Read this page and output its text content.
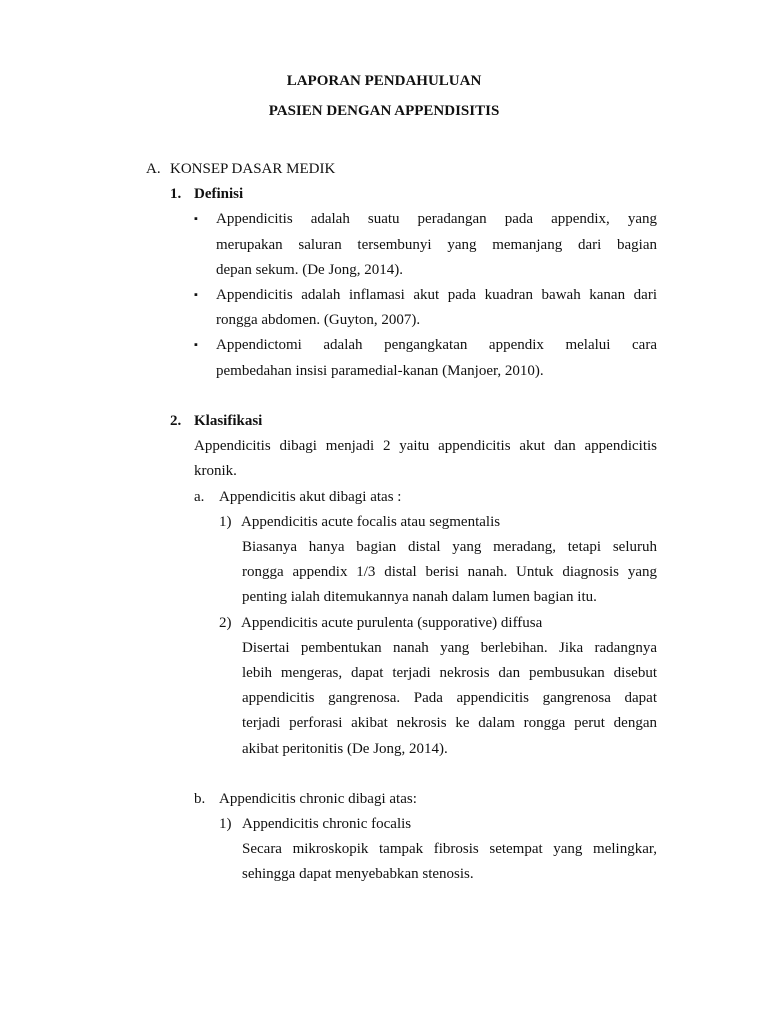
LAPORAN PENDAHULUAN
PASIEN DENGAN APPENDISITIS
A. KONSEP DASAR MEDIK
1. Definisi
▪ Appendicitis adalah suatu peradangan pada appendix, yang
merupakan saluran tersembunyi yang memanjang dari bagian
depan sekum. (De Jong, 2014).
▪ Appendicitis adalah inflamasi akut pada kuadran bawah kanan dari
rongga abdomen. (Guyton, 2007).
▪ Appendictomi adalah pengangkatan appendix melalui cara
pembedahan insisi paramedial-kanan (Manjoer, 2010).
2. Klasifikasi
Appendicitis dibagi menjadi 2 yaitu appendicitis akut dan appendicitis
kronik.
a. Appendicitis akut dibagi atas :
1) Appendicitis acute focalis atau segmentalis
Biasanya hanya bagian distal yang meradang, tetapi seluruh
rongga appendix 1/3 distal berisi nanah. Untuk diagnosis yang
penting ialah ditemukannya nanah dalam lumen bagian itu.
2) Appendicitis acute purulenta (supporative) diffusa
Disertai pembentukan nanah yang berlebihan. Jika radangnya
lebih mengeras, dapat terjadi nekrosis dan pembusukan disebut
appendicitis gangrenosa. Pada appendicitis gangrenosa dapat
terjadi perforasi akibat nekrosis ke dalam rongga perut dengan
akibat peritonitis (De Jong, 2014).
b. Appendicitis chronic dibagi atas:
1) Appendicitis chronic focalis
Secara mikroskopik tampak fibrosis setempat yang melingkar,
sehingga dapat menyebabkan stenosis.
